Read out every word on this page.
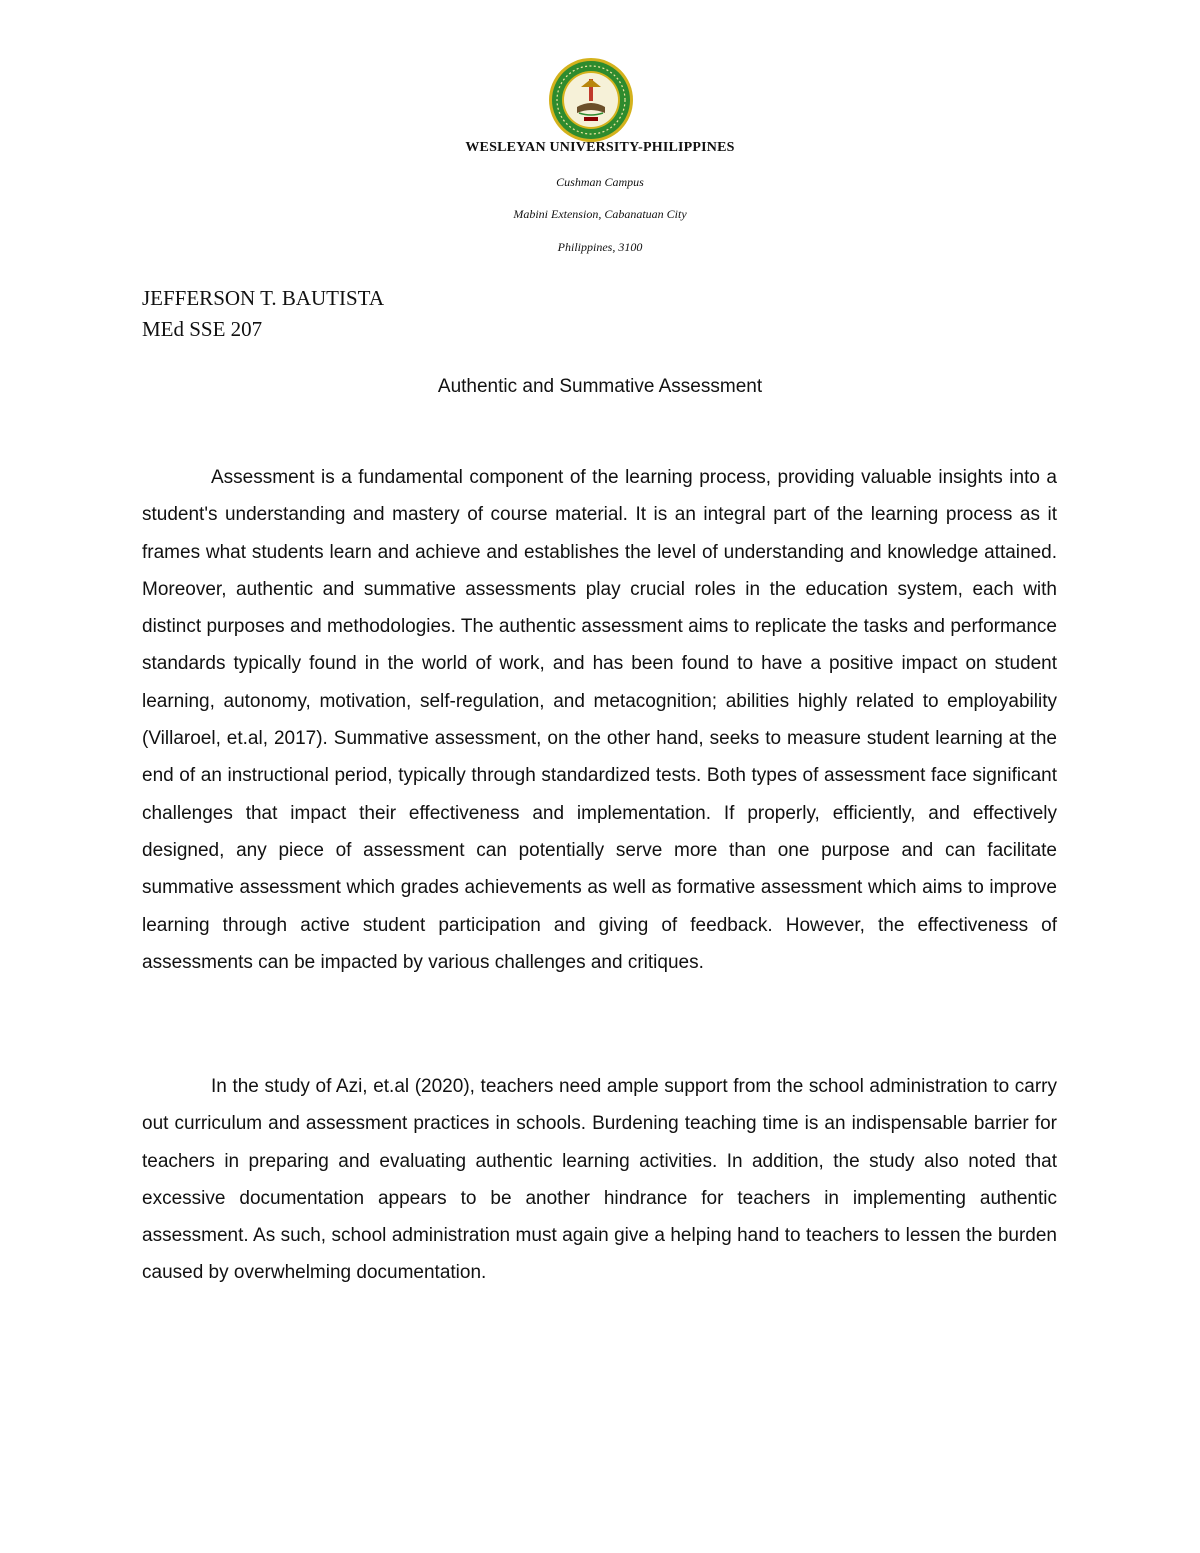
WESLEYAN UNIVERSITY-PHILIPPINES
Cushman Campus
Mabini Extension, Cabanatuan City
Philippines, 3100
JEFFERSON T. BAUTISTA
MEd SSE 207
Authentic and Summative Assessment

Assessment is a fundamental component of the learning process, providing valuable insights into a student's understanding and mastery of course material. It is an integral part of the learning process as it frames what students learn and achieve and establishes the level of understanding and knowledge attained. Moreover, authentic and summative assessments play crucial roles in the education system, each with distinct purposes and methodologies. The authentic assessment aims to replicate the tasks and performance standards typically found in the world of work, and has been found to have a positive impact on student learning, autonomy, motivation, self-regulation, and metacognition; abilities highly related to employability (Villaroel, et.al, 2017). Summative assessment, on the other hand, seeks to measure student learning at the end of an instructional period, typically through standardized tests. Both types of assessment face significant challenges that impact their effectiveness and implementation. If properly, efficiently, and effectively designed, any piece of assessment can potentially serve more than one purpose and can facilitate summative assessment which grades achievements as well as formative assessment which aims to improve learning through active student participation and giving of feedback. However, the effectiveness of assessments can be impacted by various challenges and critiques.

In the study of Azi, et.al (2020), teachers need ample support from the school administration to carry out curriculum and assessment practices in schools. Burdening teaching time is an indispensable barrier for teachers in preparing and evaluating authentic learning activities. In addition, the study also noted that excessive documentation appears to be another hindrance for teachers in implementing authentic assessment. As such, school administration must again give a helping hand to teachers to lessen the burden caused by overwhelming documentation.
